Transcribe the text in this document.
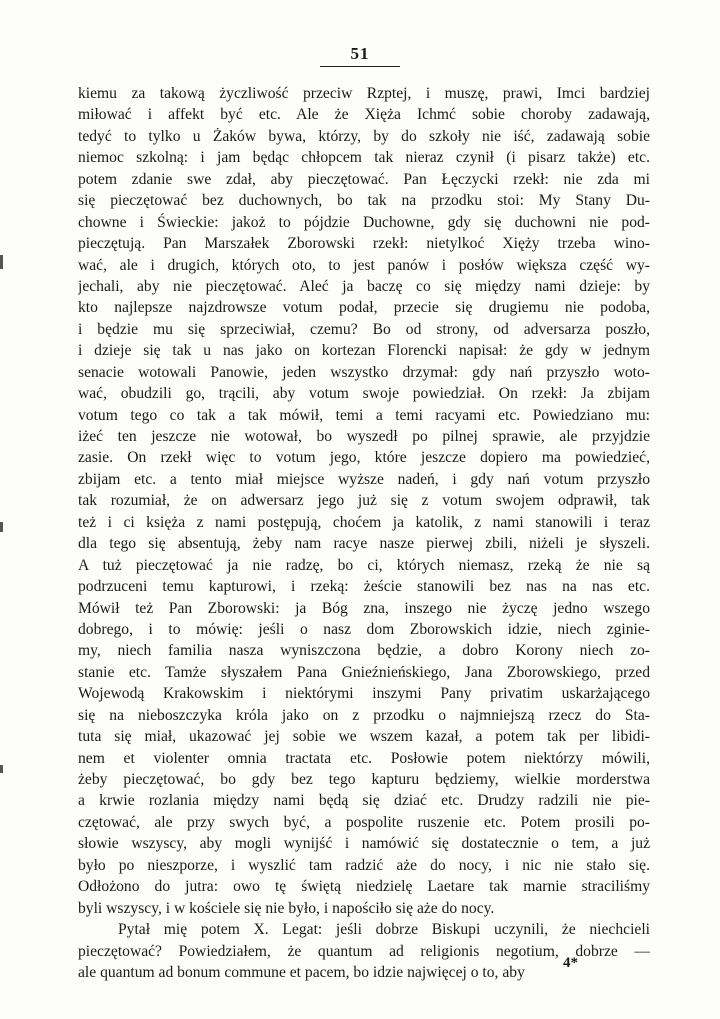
51
kiemu za takową życzliwość przeciw Rzptej, i muszę, prawi, Imci bardziej
miłować i affekt być etc. Ale że Xięża Ichmć sobie choroby zadawają,
tedyć to tylko u Żaków bywa, którzy, by do szkoły nie iść, zadawają sobie
niemoc szkolną: i jam będąc chłopcem tak nieraz czynił (i pisarz także) etc.
potem zdanie swe zdał, aby pieczętować. Pan Łęczycki rzekł: nie zda mi
się pieczętować bez duchownych, bo tak na przodku stoi: My Stany Du-
chowne i Świeckie: jakoż to pójdzie Duchowne, gdy się duchowni nie pod-
pieczętują. Pan Marszałek Zborowski rzekł: nietylkoć Xięży trzeba wino-
wać, ale i drugich, których oto, to jest panów i posłów większa część wy-
jechali, aby nie pieczętować. Aleć ja baczę co się między nami dzieje: by
kto najlepsze najzdrowsze votum podał, przecie się drugiemu nie podoba,
i będzie mu się sprzeciwiał, czemu? Bo od strony, od adversarza poszło,
i dzieje się tak u nas jako on kortezan Florencki napisał: że gdy w jednym
senacie wotowali Panowie, jeden wszystko drzymał: gdy nań przyszło woto-
wać, obudzili go, trącili, aby votum swoje powiedział. On rzekł: Ja zbijam
votum tego co tak a tak mówił, temi a temi racyami etc. Powiedziano mu:
iżeć ten jeszcze nie wotował, bo wyszedł po pilnej sprawie, ale przyjdzie
zasie. On rzekł więc to votum jego, które jeszcze dopiero ma powiedzieć,
zbijam etc. a tento miał miejsce wyższe nadeń, i gdy nań votum przyszło
tak rozumiał, że on adwersarz jego już się z votum swojem odprawił, tak
też i ci księża z nami postępują, choćem ja katolik, z nami stanowili i teraz
dla tego się absentują, żeby nam racye nasze pierwej zbili, niżeli je słyszeli.
A tuż pieczętować ja nie radzę, bo ci, których niemasz, rzeką że nie są
podrzuceni temu kapturowi, i rzeką: żeście stanowili bez nas na nas etc.
Mówił też Pan Zborowski: ja Bóg zna, inszego nie życzę jedno wszego
dobrego, i to mówię: jeśli o nasz dom Zborowskich idzie, niech zginie-
my, niech familia nasza wyniszczona będzie, a dobro Korony niech zo-
stanie etc. Tamże słyszałem Pana Gnieźnieńskiego, Jana Zborowskiego, przed
Wojewodą Krakowskim i niektórymi inszymi Pany privatim uskarżającego
się na nieboszczyka króla jako on z przodku o najmniejszą rzecz do Sta-
tuta się miał, ukazować jej sobie we wszem kazał, a potem tak per libidi-
nem et violenter omnia tractata etc. Posłowie potem niektórzy mówili,
żeby pieczętować, bo gdy bez tego kapturu będziemy, wielkie morderstwa
a krwie rozlania między nami będą się dziać etc. Drudzy radzili nie pie-
czętować, ale przy swych być, a pospolite ruszenie etc. Potem prosili po-
słowie wszyscy, aby mogli wynijść i namówić się dostatecznie o tem, a już
było po nieszporze, i wyszlić tam radzić aże do nocy, i nic nie stało się.
Odłożono do jutra: owo tę świętą niedzielę Laetare tak marnie straciliśmy
byli wszyscy, i w kościele się nie było, i napościło się aże do nocy.
Pytał mię potem X. Legat: jeśli dobrze Biskupi uczynili, że niechcieli
pieczętować? Powiedziałem, że quantum ad religionis negotium, dobrze —
ale quantum ad bonum commune et pacem, bo idzie najwięcej o to, aby
4*
